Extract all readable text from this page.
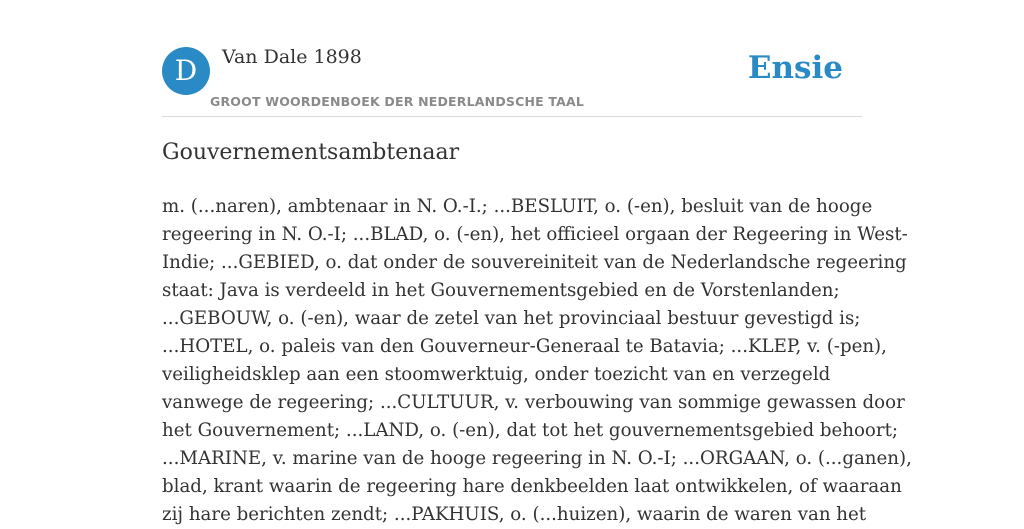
D	Van Dale 1898
GROOT WOORDENBOEK DER NEDERLANDSCHE TAAL
Ensie
Gouvernementsambtenaar
m. (...naren), ambtenaar in N. O.-I.; ...BESLUIT, o. (-en), besluit van de hooge
regeering in N. O.-I; ...BLAD, o. (-en), het officieel orgaan der Regeering in West-
Indie; ...GEBIED, o. dat onder de souvereiniteit van de Nederlandsche regeering
staat: Java is verdeeld in het Gouvernementsgebied en de Vorstenlanden;
...GEBOUW, o. (-en), waar de zetel van het provinciaal bestuur gevestigd is;
...HOTEL, o. paleis van den Gouverneur-Generaal te Batavia; ...KLEP, v. (-pen),
veiligheidsklep aan een stoomwerktuig, onder toezicht van en verzegeld
vanwege de regeering; ...CULTUUR, v. verbouwing van sommige gewassen door
het Gouvernement; ...LAND, o. (-en), dat tot het gouvernementsgebied behoort;
...MARINE, v. marine van de hooge regeering in N. O.-I; ...ORGAAN, o. (...ganen),
blad, krant waarin de regeering hare denkbeelden laat ontwikkelen, of waaraan
zij hare berichten zendt; ...PAKHUIS, o. (...huizen), waarin de waren van het
